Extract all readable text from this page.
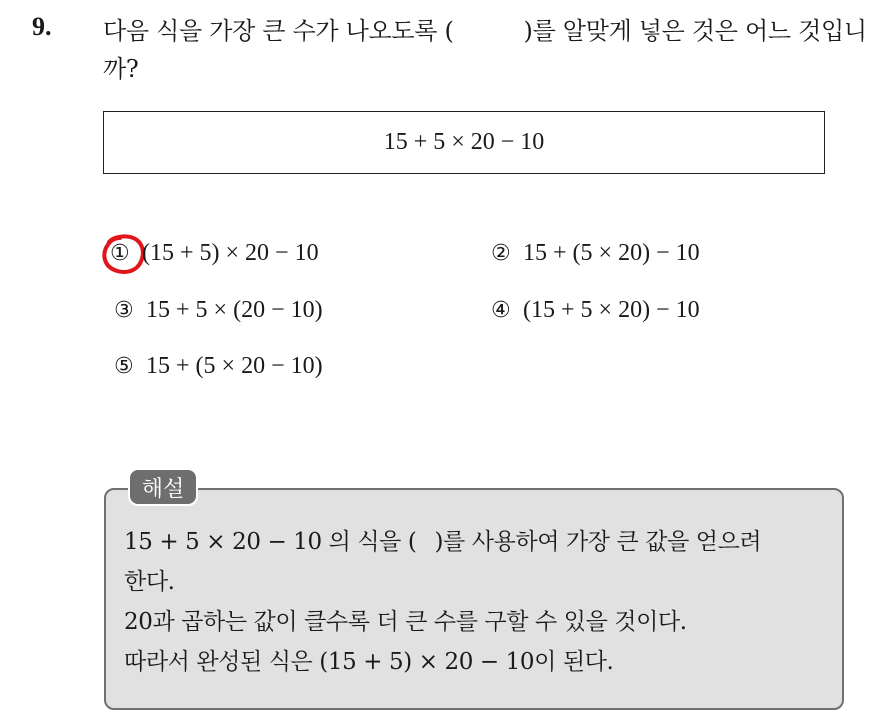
9. 다음 식을 가장 큰 수가 나오도록 (	)를 알맞게 넣은 것은 어느 것입니까?
15 + 5 × 20 − 10
① (15 + 5) × 20 − 10	② 15 + (5 × 20) − 10
③ 15 + 5 × (20 − 10)	④ (15 + 5 × 20) − 10
⑤ 15 + (5 × 20 − 10)
해설
15 + 5 × 20 − 10 의 식을 ( )를 사용하여 가장 큰 값을 얻으려
한다.
20과 곱하는 값이 클수록 더 큰 수를 구할 수 있을 것이다.
따라서 완성된 식은 (15 + 5) × 20 − 10이 된다.
